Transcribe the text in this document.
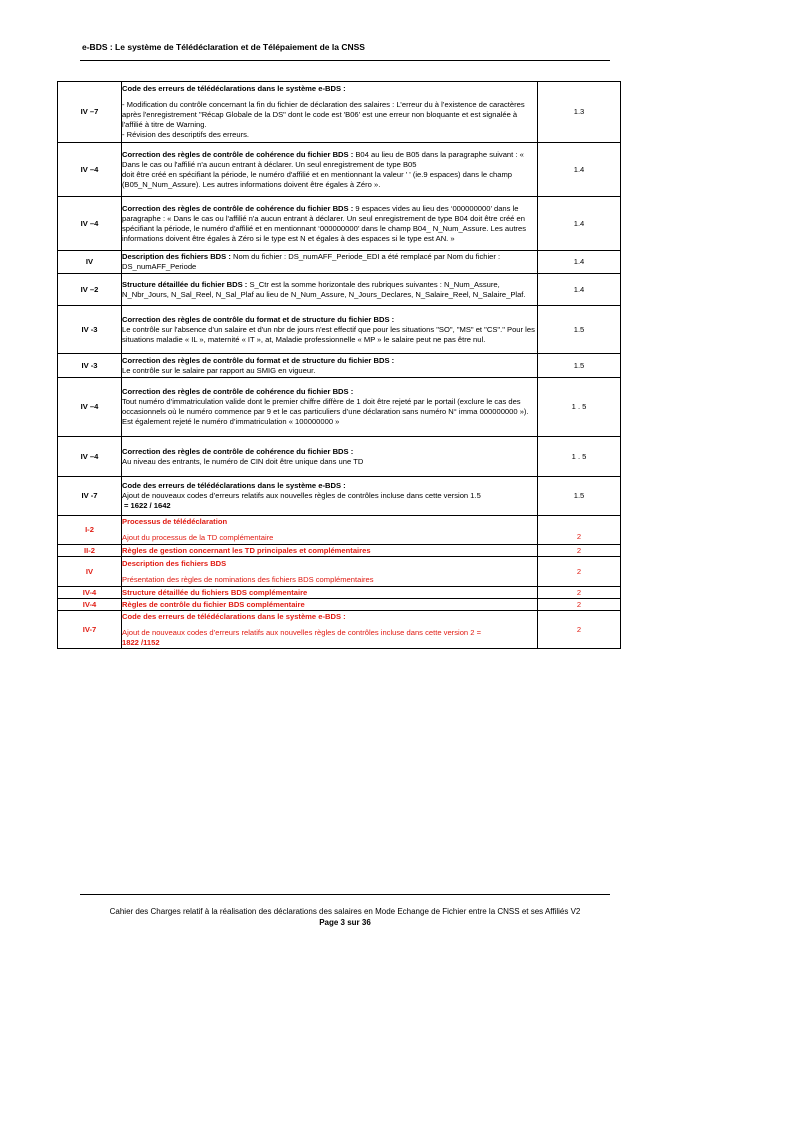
e-BDS : Le système de Télédéclaration et de Télépaiement de la CNSS
IV –7	Code des erreurs de télédéclarations dans le système e-BDS :
- Modification du contrôle concernant la fin du fichier de déclaration des salaires : L’erreur du à l’existence de caractères après l'enregistrement "Récap Globale de la DS" dont le code est 'B06' est une erreur non bloquante et est signalée à l'affilié à titre de Warning.
- Révision des descriptifs des erreurs.	1.3
IV –4	Correction des règles de contrôle de cohérence du fichier BDS : B04 au lieu de B05 dans la paragraphe suivant : « Dans le cas ou l'affilié n'a aucun entrant à déclarer. Un seul enregistrement de type B05
doit être créé en spécifiant la période, le numéro d'affilié et en mentionnant la valeur ' ' (ie.9 espaces) dans le champ (B05_N_Num_Assure). Les autres informations doivent être égales à Zéro ».	1.4
IV –4	Correction des règles de contrôle de cohérence du fichier BDS : 9 espaces vides au lieu des ‘000000000’ dans le paragraphe : « Dans le cas ou l'affilié n'a aucun entrant à déclarer. Un seul enregistrement de type B04 doit être créé en spécifiant la période, le numéro d’affilié et en mentionnant ‘000000000’ dans le champ B04_ N_Num_Assure. Les autres informations doivent être égales à Zéro si le type est N et égales à des espaces si le type est AN. »	1.4
IV	Description des fichiers BDS : Nom du fichier : DS_numAFF_Periode_EDI a été remplacé par Nom du fichier : DS_numAFF_Periode	1.4
IV –2	Structure détaillée du fichier BDS : S_Ctr est la somme horizontale des rubriques suivantes : N_Num_Assure, N_Nbr_Jours, N_Sal_Reel, N_Sal_Plaf au lieu de N_Num_Assure, N_Jours_Declares, N_Salaire_Reel, N_Salaire_Plaf.	1.4
IV -3	Correction des règles de contrôle du format et de structure du fichier BDS :
Le contrôle sur l'absence d'un salaire et d'un nbr de jours n'est effectif que pour les situations "SO", "MS" et "CS"." Pour les situations maladie « IL », maternité « IT », at, Maladie professionnelle « MP » le salaire peut ne pas être nul.	1.5
IV -3	Correction des règles de contrôle du format et de structure du fichier BDS :
Le contrôle sur le salaire par rapport au SMIG en vigueur.	1.5
IV –4	Correction des règles de contrôle de cohérence du fichier BDS :
Tout numéro d’immatriculation valide dont le premier chiffre diffère de 1 doit être rejeté par le portail (exclure le cas des occasionnels où le numéro commence par 9 et le cas particuliers d’une déclaration sans numéro N° imma 000000000 »). Est également rejeté le numéro d’immatriculation « 100000000 »	1 . 5
IV –4	Correction des règles de contrôle de cohérence du fichier BDS :
Au niveau des entrants, le numéro de CIN doit être unique dans une TD	1 . 5
IV -7	Code des erreurs de télédéclarations dans le système e-BDS :
Ajout de nouveaux codes d’erreurs relatifs aux nouvelles règles de contrôles incluse dans cette version 1.5
= 1622 / 1642	1.5
I-2	Processus de télédéclaration
Ajout du processus de la TD complémentaire	2
II-2	Règles de gestion concernant les TD principales et complémentaires	2
IV	Description des fichiers BDS
Présentation des règles de nominations des fichiers BDS complémentaires	2
IV-4	Structure détaillée du fichiers BDS complémentaire	2
IV-4	Règles de contrôle du fichier BDS complémentaire	2
IV-7	Code des erreurs de télédéclarations dans le système e-BDS :
Ajout de nouveaux codes d’erreurs relatifs aux nouvelles règles de contrôles incluse dans cette version 2 =
1822 /1152	2
Cahier des Charges relatif à la réalisation des déclarations des salaires en Mode Echange de Fichier entre la CNSS et ses Affiliés V2
Page 3 sur 36
